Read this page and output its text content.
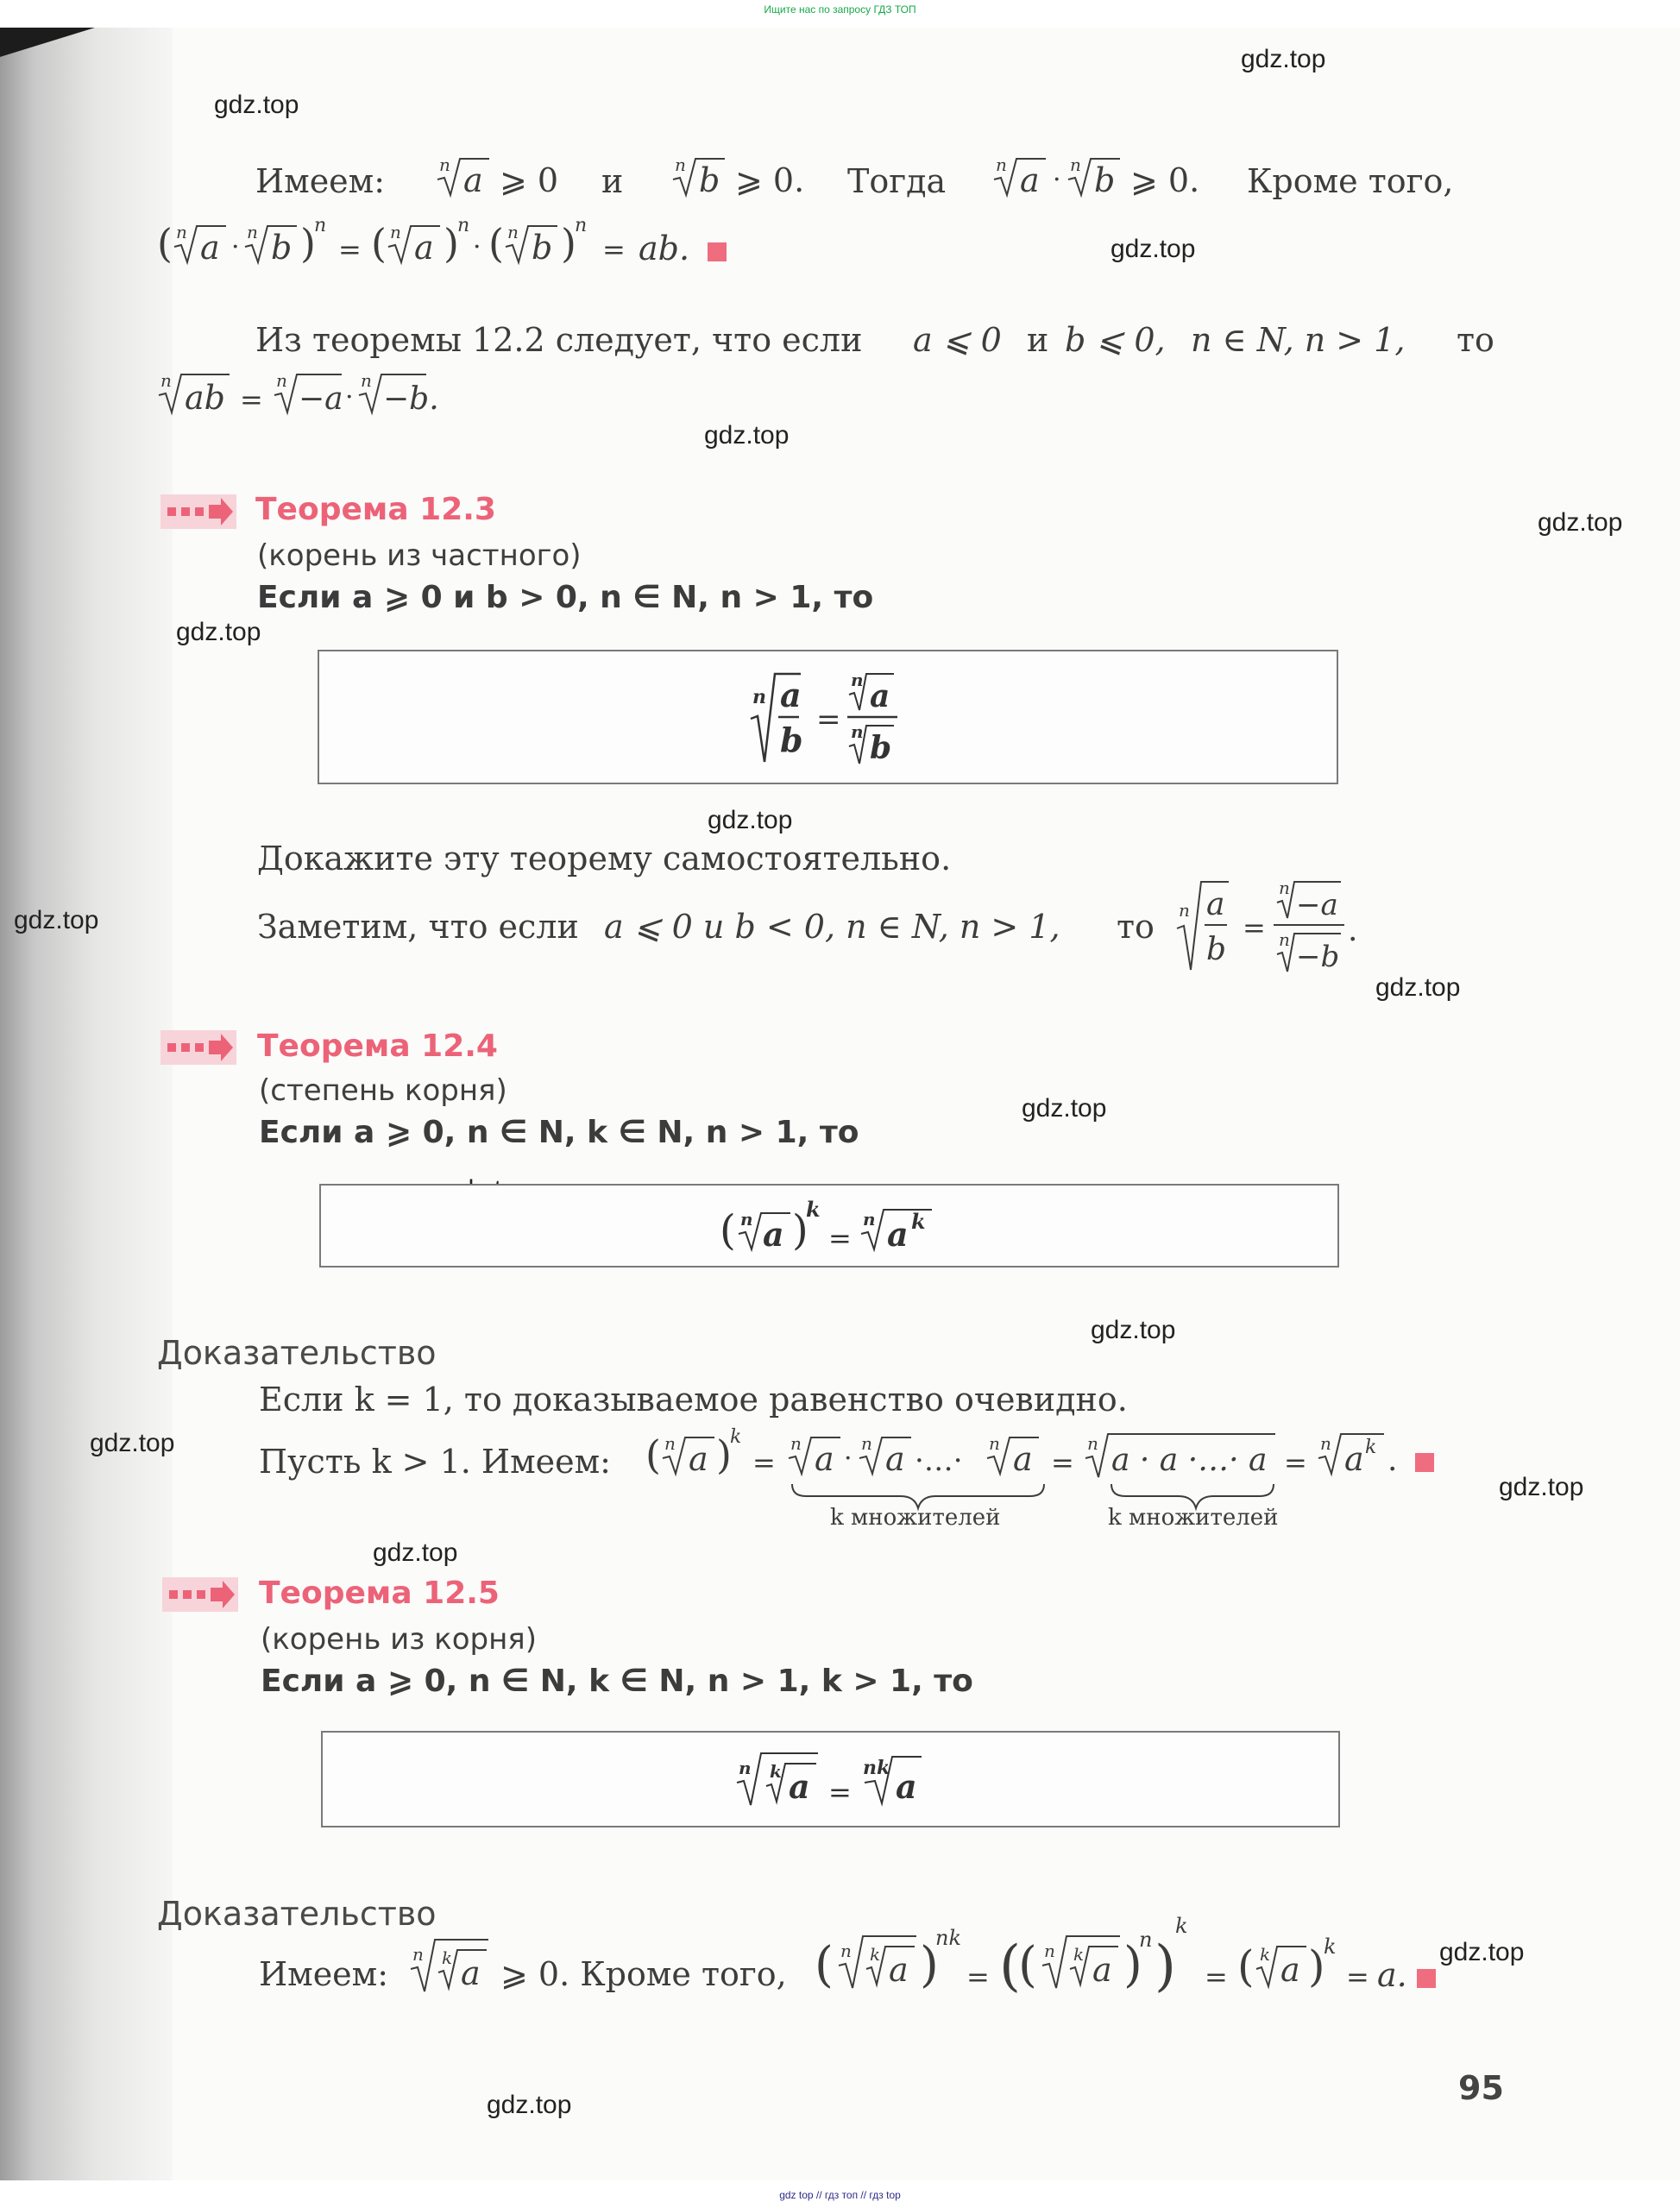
Ищите нас по запросу ГДЗ ТОП
gdz.top
gdz.top
gdz.top
gdz.top
gdz.top
gdz.top
gdz.top
gdz.top
gdz.top
gdz.top
gdz.top
gdz.top
gdz.top
gdz.top
gdz.top
gdz.top
Имеем:	n a ⩾ 0 и	n b ⩾ 0. Тогда	n a · n b ⩾ 0. Кроме того,
( n a · n b )
n
= ( n a )
n
· ( n b )
n
= ab.
Из теоремы 12.2 следует, что если a ⩽ 0 и b ⩽ 0, n ∈ N, n > 1, то
n ab =
n
−a ·
n
−b.
Теорема 12.3
(корень из частного)
Если a ⩾ 0 и b > 0, n ∈ N, n > 1, то
n a
b
=
n a
n b
Докажите эту теорему самостоятельно.
Заметим, что если a ⩽ 0 и b < 0, n ∈ N, n > 1, то n a
b
=
n −a
n −b
.
Теорема 12.4
(степень корня)
Если a ⩾ 0, n ∈ N, k ∈ N, n > 1, то
( n a )
k
=
n a k
Доказательство
Если k = 1, то доказываемое равенство очевидно.
Пусть k > 1. Имеем: ( n a )
k
=
n a · n a ·…· n a =
n a · a ·…· a =
n a k .
k множителей	k множителей
Теорема 12.5
(корень из корня)
Если a ⩾ 0, n ∈ N, k ∈ N, n > 1, k > 1, то
n k a =
nk a
Доказательство
Имеем:
n k a ⩾ 0. Кроме того, ( n k a )
nk
= (
( n k a )
n )
k
= ( k a )
k
= a.
95
gdz top // гдз топ // гдз top
